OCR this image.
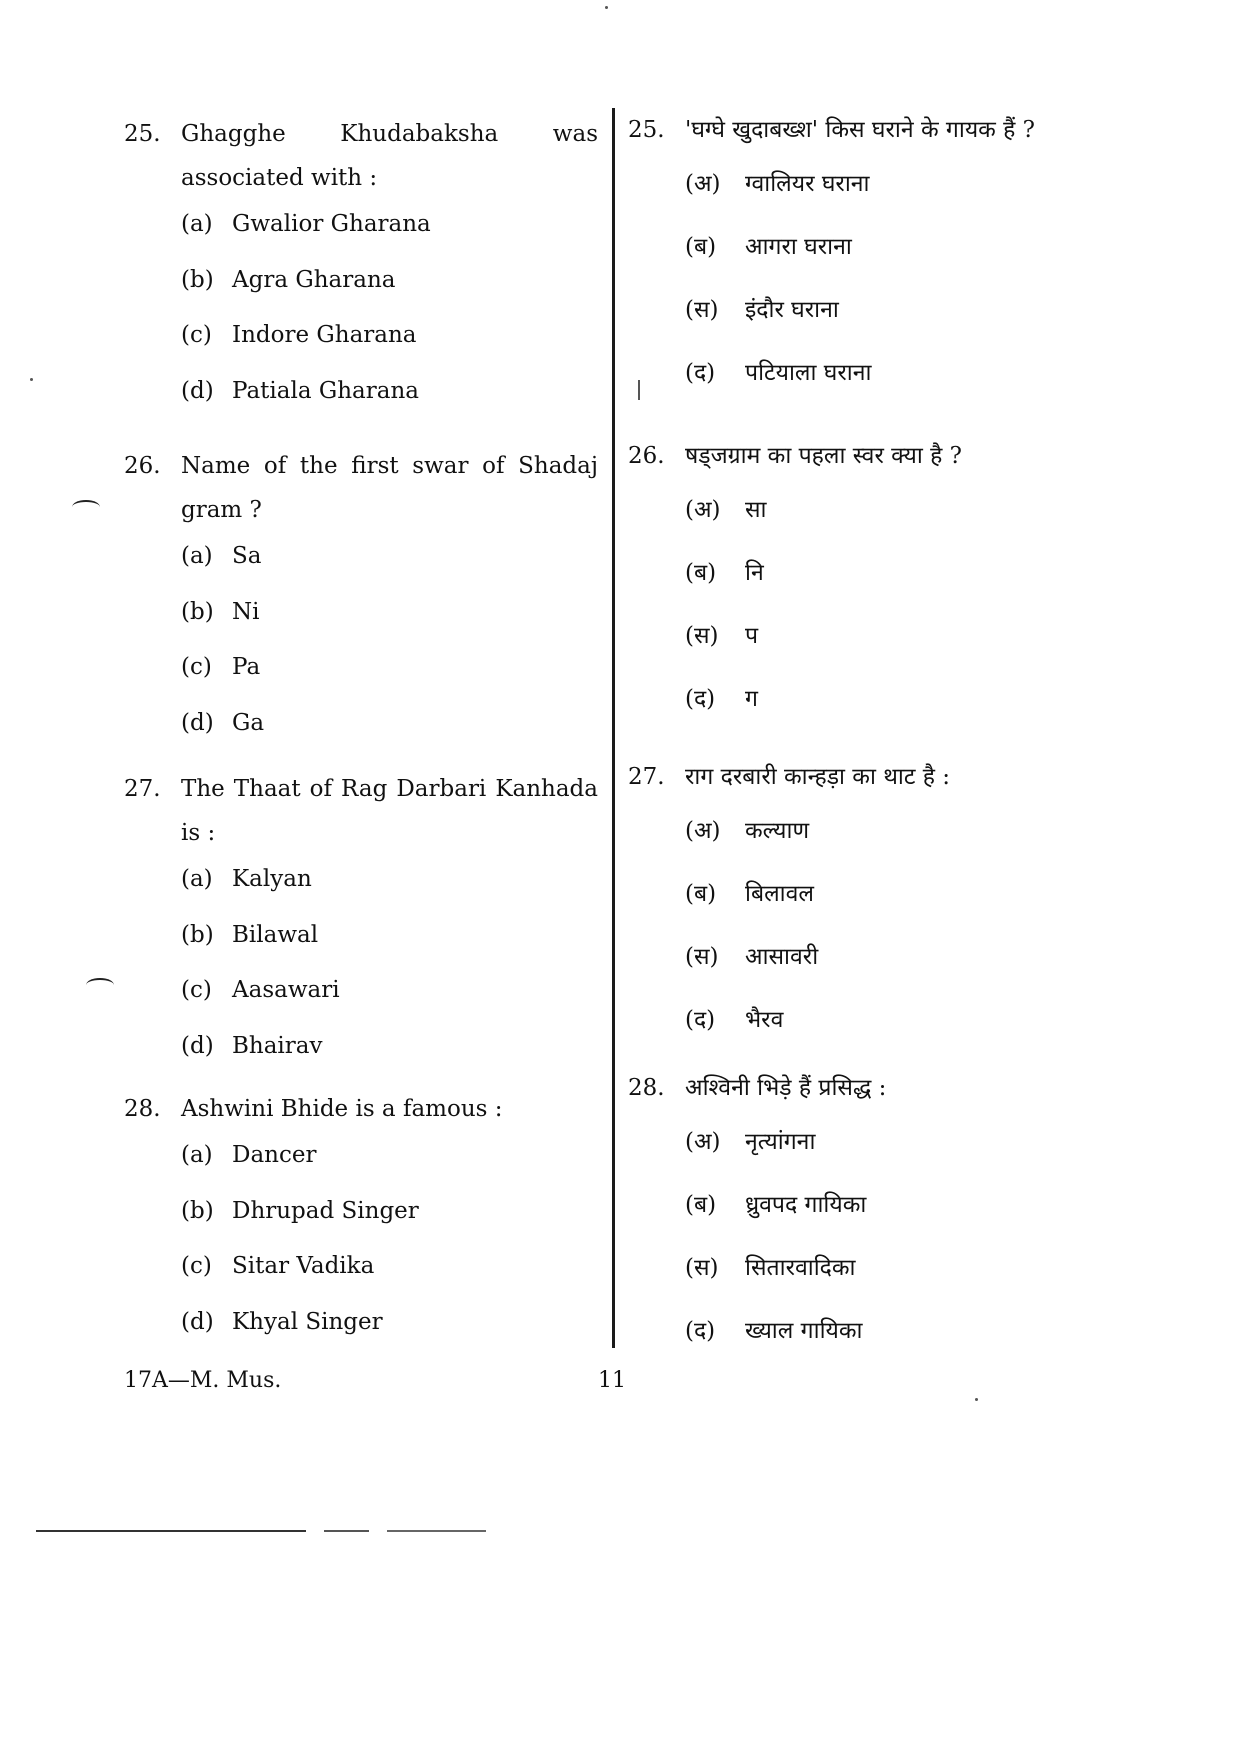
25. Ghagghe Khudabaksha was associated with :
(a) Gwalior Gharana
(b) Agra Gharana
(c) Indore Gharana
(d) Patiala Gharana
26. Name of the first swar of Shadaj gram ?
(a) Sa
(b) Ni
(c) Pa
(d) Ga
27. The Thaat of Rag Darbari Kanhada is :
(a) Kalyan
(b) Bilawal
(c) Aasawari
(d) Bhairav
28. Ashwini Bhide is a famous :
(a) Dancer
(b) Dhrupad Singer
(c) Sitar Vadika
(d) Khyal Singer
25. 'घग्घे खुदाबख्श' किस घराने के गायक हैं ?
(अ)	ग्वालियर घराना
(ब)	आगरा घराना
(स)	इंदौर घराना
(द)	पटियाला घराना
26. षड्जग्राम का पहला स्वर क्या है ?
(अ)	सा
(ब)	नि
(स)	प
(द)	ग
27. राग दरबारी कान्हड़ा का थाट है :
(अ)	कल्याण
(ब)	बिलावल
(स)	आसावरी
(द)	भैरव
28. अश्विनी भिड़े हैं प्रसिद्ध :
(अ)	नृत्यांगना
(ब)	ध्रुवपद गायिका
(स)	सितारवादिका
(द)	ख्याल गायिका
17A—M. Mus.	11
